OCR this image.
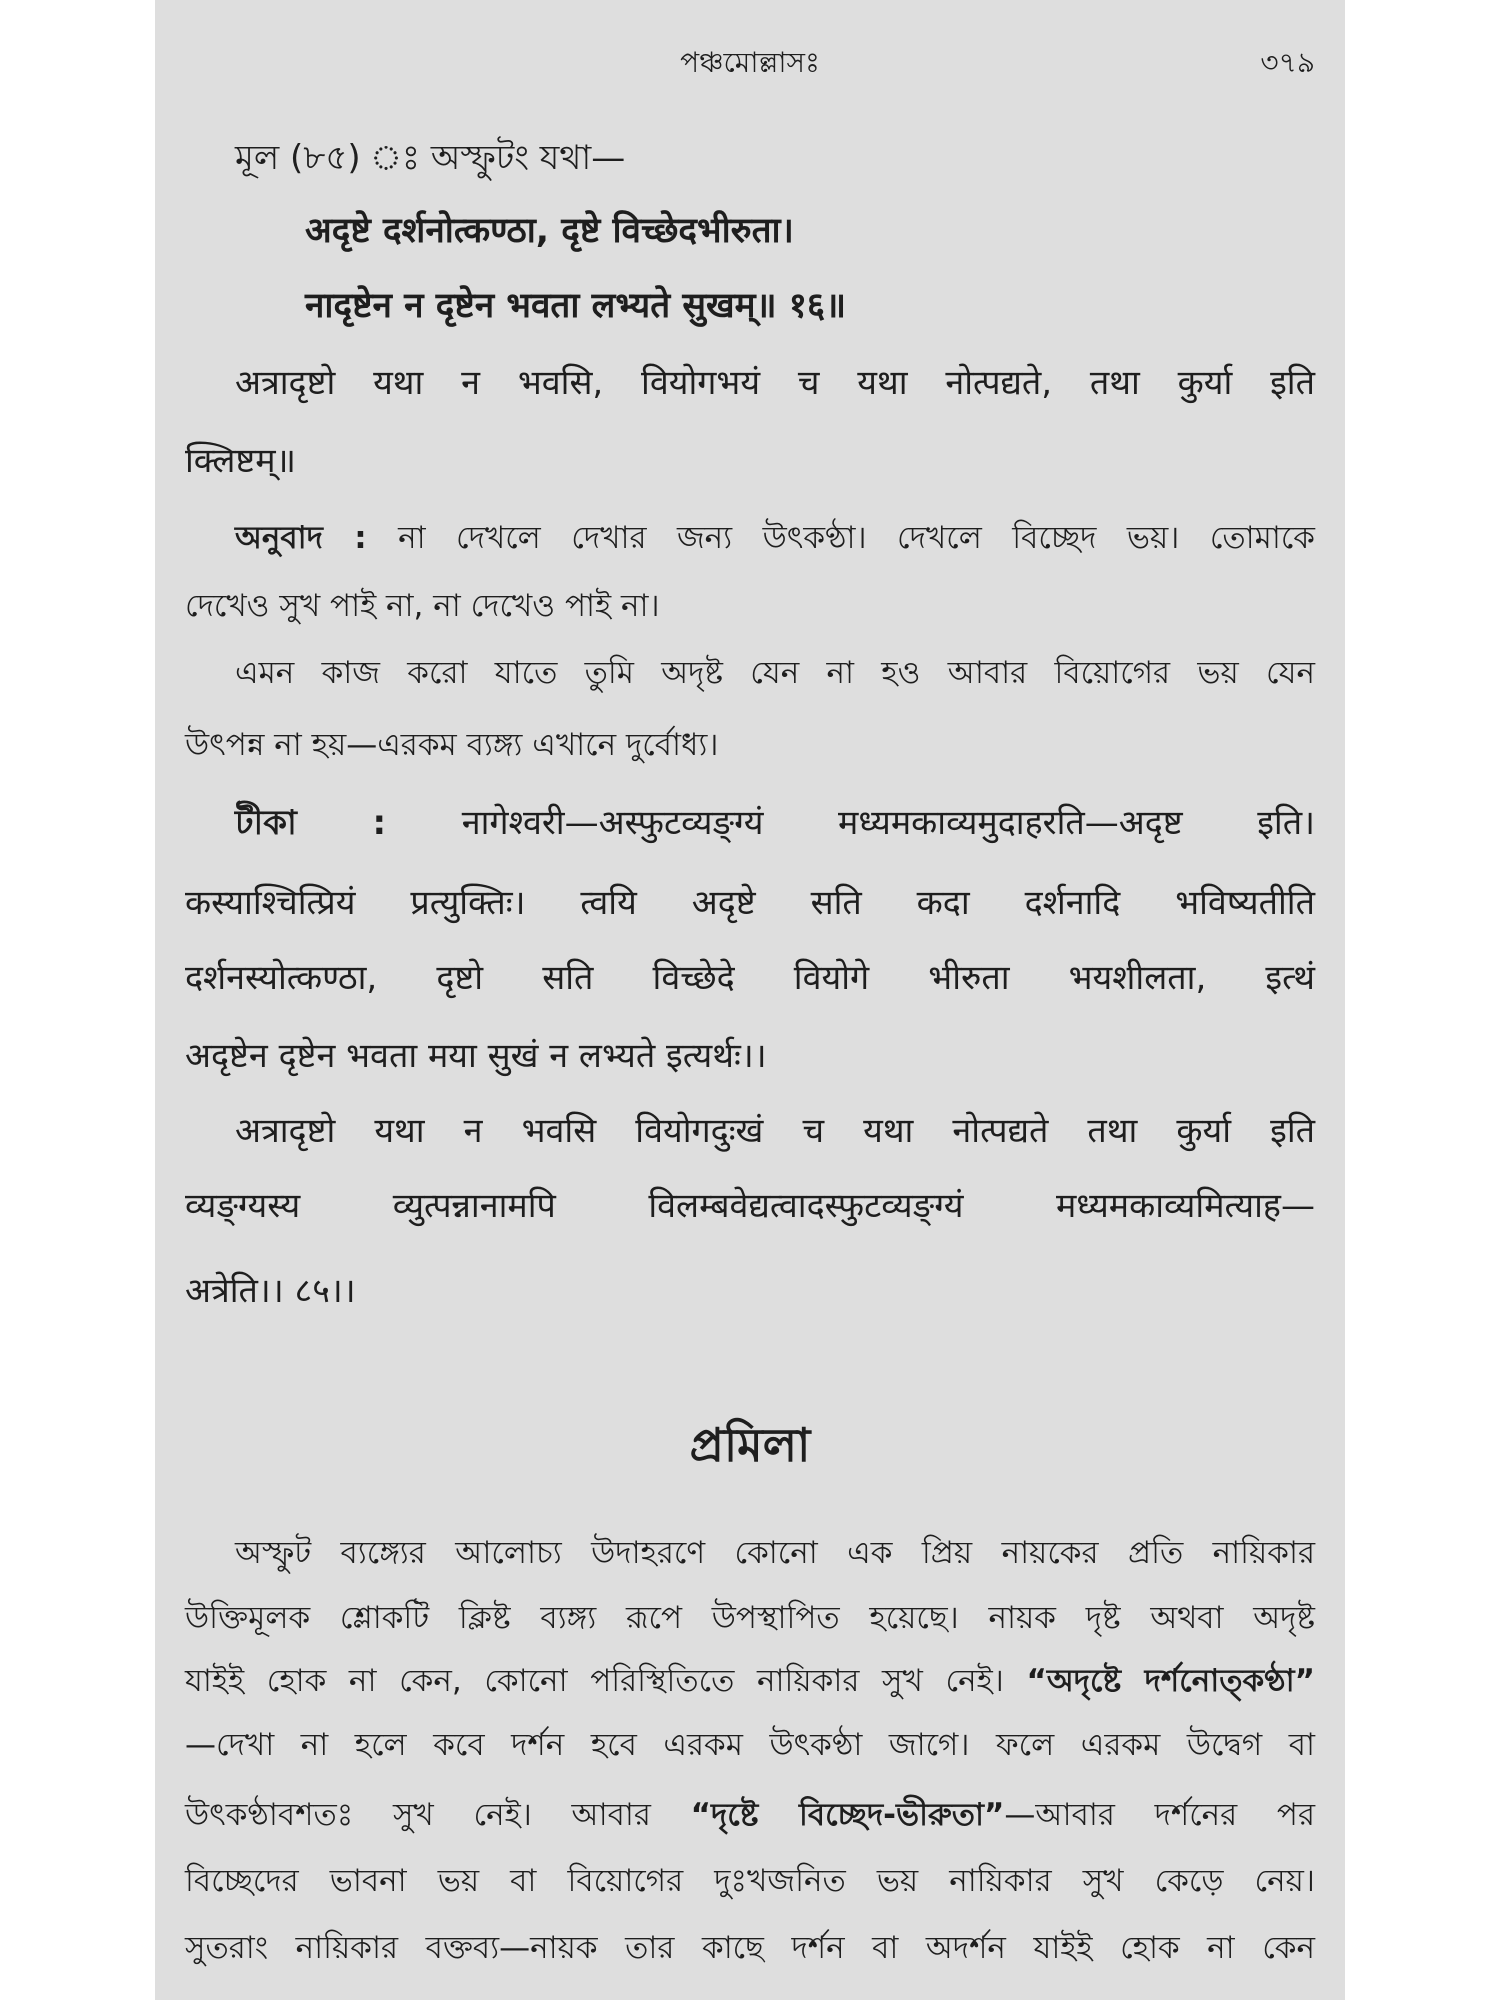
পঞ্চমোল্লাসঃ	৩৭৯
মূল (৮৫) ঃ অস্ফুটং যথা—
अदृष्टे दर्शनोत्कण्ठा, दृष्टे विच्छेदभीरुता।
नादृष्टेन न दृष्टेन भवता लभ्यते सुखम्॥ १६॥
अत्रादृष्टो यथा न भवसि, वियोगभयं च यथा नोत्पद्यते, तथा कुर्या इति
क्लिष्टम्॥
অনুবাদ : না দেখলে দেখার জন্য উৎকণ্ঠা। দেখলে বিচ্ছেদ ভয়। তোমাকে
দেখেও সুখ পাই না, না দেখেও পাই না।
এমন কাজ করো যাতে তুমি অদৃষ্ট যেন না হও আবার বিয়োগের ভয় যেন
উৎপন্ন না হয়—এরকম ব্যঙ্গ্য এখানে দুর্বোধ্য।
টীকা : नागेश्वरी—अस्फुटव्यङ्ग्यं मध्यमकाव्यमुदाहरति—अदृष्ट इति।
कस्याश्चित्प्रियं प्रत्युक्तिः। त्वयि अदृष्टे सति कदा दर्शनादि भविष्यतीति
दर्शनस्योत्कण्ठा, दृष्टो सति विच्छेदे वियोगे भीरुता भयशीलता, इत्थं
अदृष्टेन दृष्टेन भवता मया सुखं न लभ्यते इत्यर्थः।।
अत्रादृष्टो यथा न भवसि वियोगदुःखं च यथा नोत्पद्यते तथा कुर्या इति
व्यङ्ग्यस्य व्युत्पन्नानामपि विलम्बवेद्यत्वादस्फुटव्यङ्ग्यं मध्यमकाव्यमित्याह—
अत्रेति।। ८५।।
প্রমিলা
অস্ফুট ব্যঙ্গ্যের আলোচ্য উদাহরণে কোনো এক প্রিয় নায়কের প্রতি নায়িকার
উক্তিমূলক শ্লোকটি ক্লিষ্ট ব্যঙ্গ্য রূপে উপস্থাপিত হয়েছে। নায়ক দৃষ্ট অথবা অদৃষ্ট
যাইই হোক না কেন, কোনো পরিস্থিতিতে নায়িকার সুখ নেই। “অদৃষ্টে দর্শনোত্কণ্ঠা”
—দেখা না হলে কবে দর্শন হবে এরকম উৎকণ্ঠা জাগে। ফলে এরকম উদ্বেগ বা
উৎকণ্ঠাবশতঃ সুখ নেই। আবার “দৃষ্টে বিচ্ছেদ-ভীরুতা”—আবার দর্শনের পর
বিচ্ছেদের ভাবনা ভয় বা বিয়োগের দুঃখজনিত ভয় নায়িকার সুখ কেড়ে নেয়।
সুতরাং নায়িকার বক্তব্য—নায়ক তার কাছে দর্শন বা অদর্শন যাইই হোক না কেন
